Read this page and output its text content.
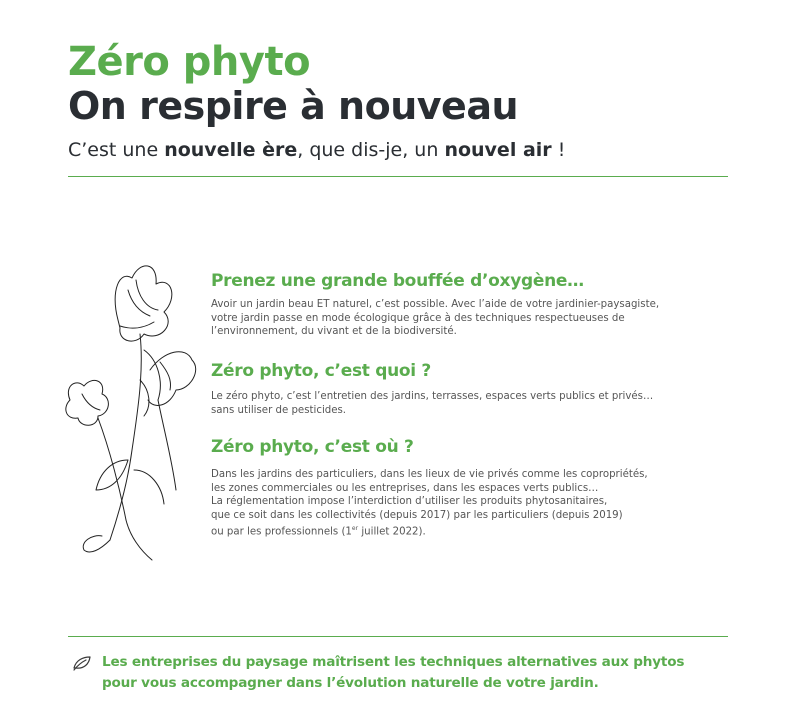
Zéro phyto
On respire à nouveau
C’est une nouvelle ère, que dis-je, un nouvel air !
Prenez une grande bouffée d’oxygène…
Avoir un jardin beau ET naturel, c’est possible. Avec l’aide de votre jardinier-paysagiste,
votre jardin passe en mode écologique grâce à des techniques respectueuses de
l’environnement, du vivant et de la biodiversité.
Zéro phyto, c’est quoi ?
Le zéro phyto, c’est l’entretien des jardins, terrasses, espaces verts publics et privés…
sans utiliser de pesticides.
Zéro phyto, c’est où ?
Dans les jardins des particuliers, dans les lieux de vie privés comme les copropriétés,
les zones commerciales ou les entreprises, dans les espaces verts publics…
La réglementation impose l’interdiction d’utiliser les produits phytosanitaires,
que ce soit dans les collectivités (depuis 2017) par les particuliers (depuis 2019)
ou par les professionnels (1er juillet 2022).
Les entreprises du paysage maîtrisent les techniques alternatives aux phytos
pour vous accompagner dans l’évolution naturelle de votre jardin.
